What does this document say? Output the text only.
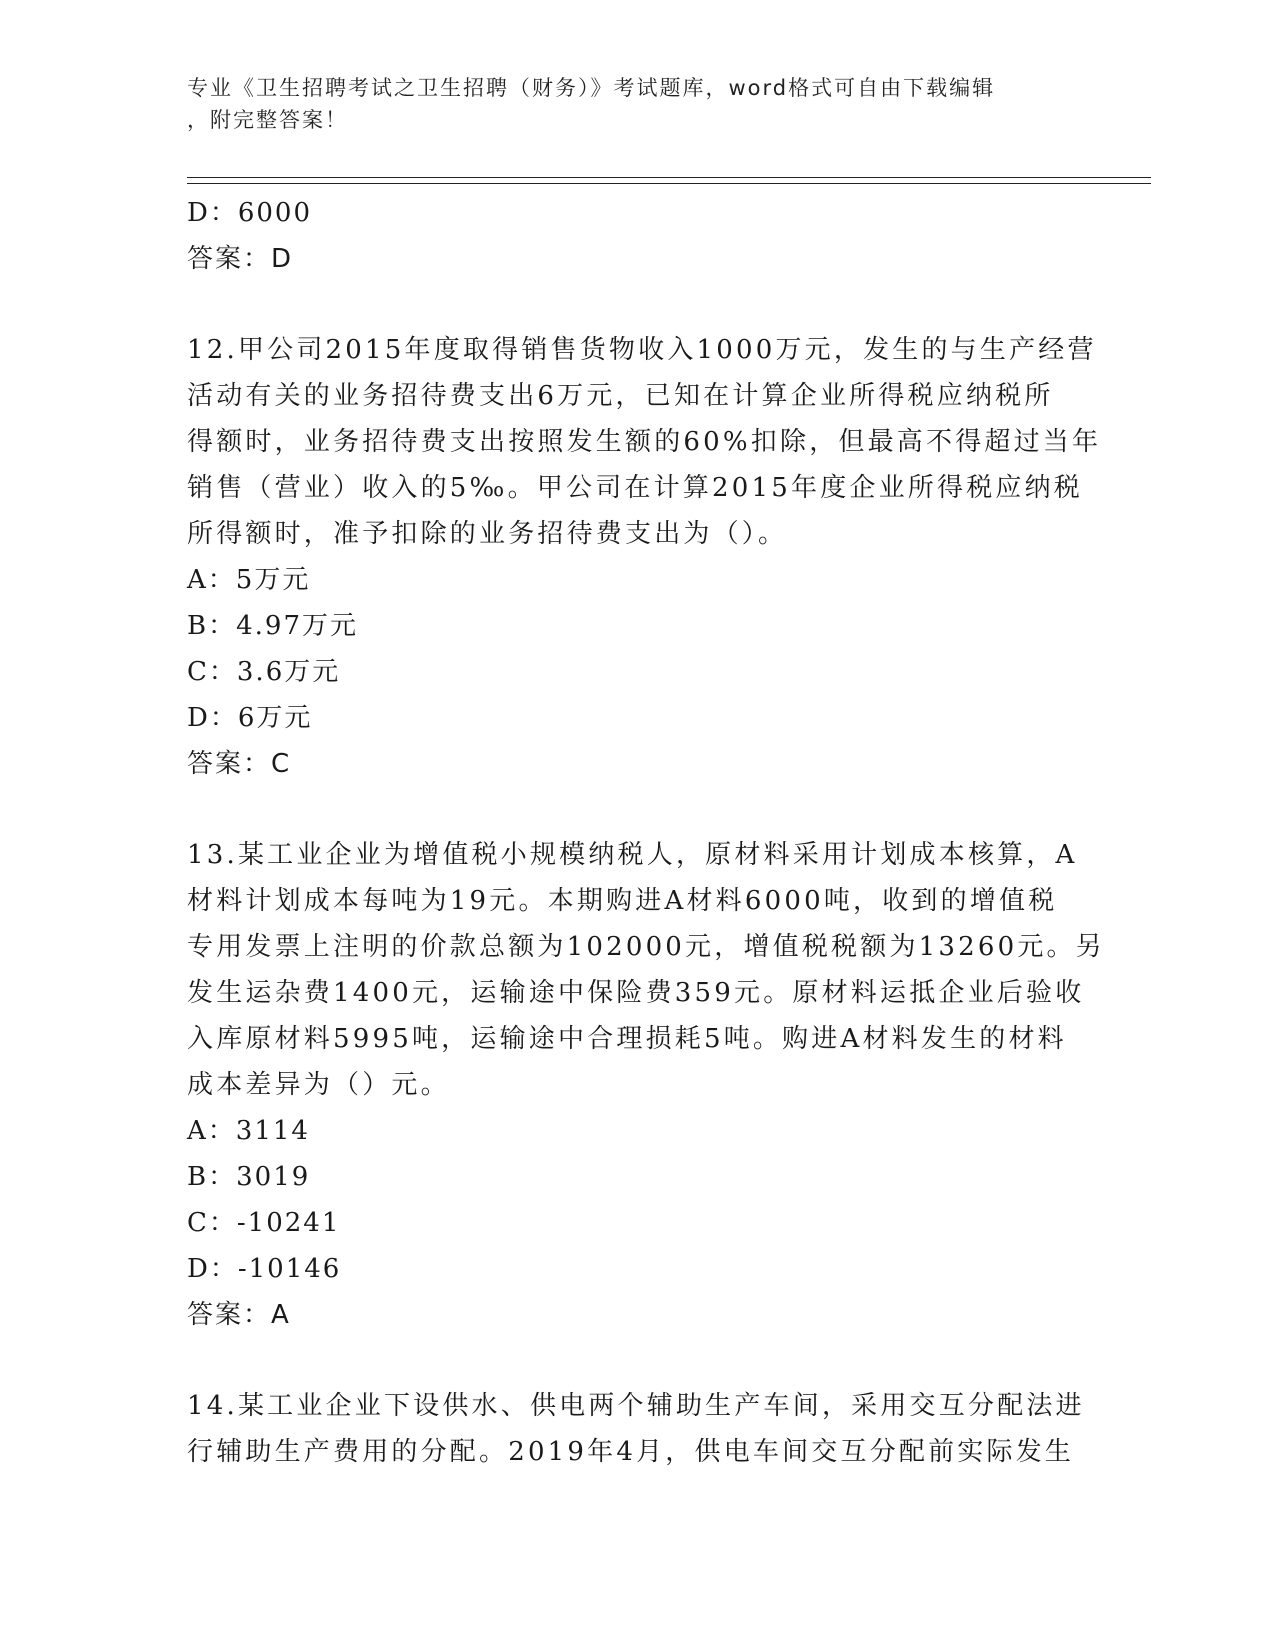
专业《卫生招聘考试之卫生招聘（财务）》考试题库，word格式可自由下载编辑
，附完整答案！
D：6000
答案：D
12.甲公司2015年度取得销售货物收入1000万元，发生的与生产经营
活动有关的业务招待费支出6万元，已知在计算企业所得税应纳税所
得额时，业务招待费支出按照发生额的60%扣除，但最高不得超过当年
销售（营业）收入的5‰。甲公司在计算2015年度企业所得税应纳税
所得额时，准予扣除的业务招待费支出为（）。
A：5万元
B：4.97万元
C：3.6万元
D：6万元
答案：C
13.某工业企业为增值税小规模纳税人，原材料采用计划成本核算，A
材料计划成本每吨为19元。本期购进A材料6000吨，收到的增值税
专用发票上注明的价款总额为102000元，增值税税额为13260元。另
发生运杂费1400元，运输途中保险费359元。原材料运抵企业后验收
入库原材料5995吨，运输途中合理损耗5吨。购进A材料发生的材料
成本差异为（）元。
A：3114
B：3019
C：-10241
D：-10146
答案：A
14.某工业企业下设供水、供电两个辅助生产车间，采用交互分配法进
行辅助生产费用的分配。2019年4月，供电车间交互分配前实际发生
